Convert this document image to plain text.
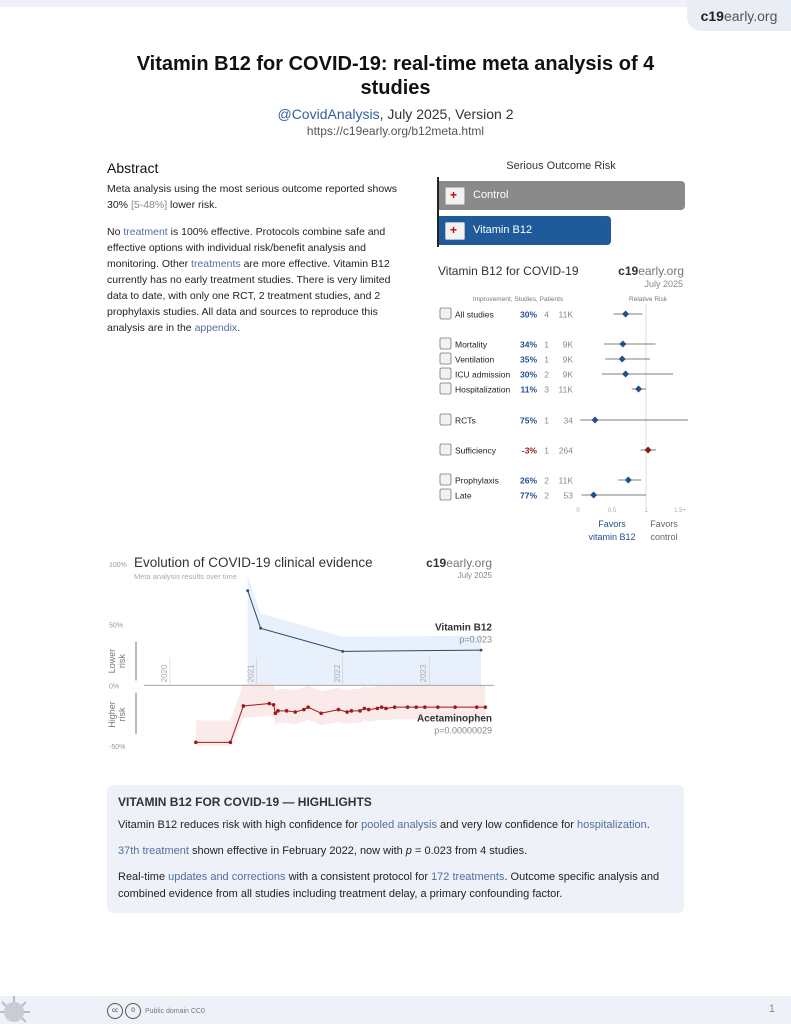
c19early.org
Vitamin B12 for COVID-19: real-time meta analysis of 4 studies
@CovidAnalysis, July 2025, Version 2
https://c19early.org/b12meta.html
Abstract
Meta analysis using the most serious outcome reported shows 30% [5-48%] lower risk.
No treatment is 100% effective. Protocols combine safe and effective options with individual risk/benefit analysis and monitoring. Other treatments are more effective. Vitamin B12 currently has no early treatment studies. There is very limited data to date, with only one RCT, 2 treatment studies, and 2 prophylaxis studies. All data and sources to reproduce this analysis are in the appendix.
Serious Outcome Risk
+Control
+Vitamin B12
Vitamin B12 for COVID-19	c19early.org
July 2025
Improvement, Studies, Patients	Relative Risk
All studies	30% 4 11K
Mortality	34% 1 9K
Ventilation	35% 1 9K
ICU admission 30% 2 9K
Hospitalization 11% 3 11K
RCTs	75% 1 34
Sufficiency	-3% 1 264
Prophylaxis 26% 2 11K
Late	77% 2 53
0	0.5	1	1.5+
Favors
vitamin B12
Favors
control
100%
50%
0%
-50%
2020	2021	2022	2023
Evolution of COVID-19 clinical evidence
Meta analysis results over time
c19early.org
July 2025
Lower risk
Higher risk
Vitamin B12
p=0.023
Acetaminophen
p=0.00000029
VITAMIN B12 FOR COVID-19 — HIGHLIGHTS

Vitamin B12 reduces risk with high confidence for pooled analysis and very low confidence for hospitalization.

37th treatment shown effective in February 2022, now with p = 0.023 from 4 studies.

Real-time updates and corrections with a consistent protocol for 172 treatments. Outcome specific analysis and combined evidence from all studies including treatment delay, a primary confounding factor.

cc 0 Public domain CC0	1
